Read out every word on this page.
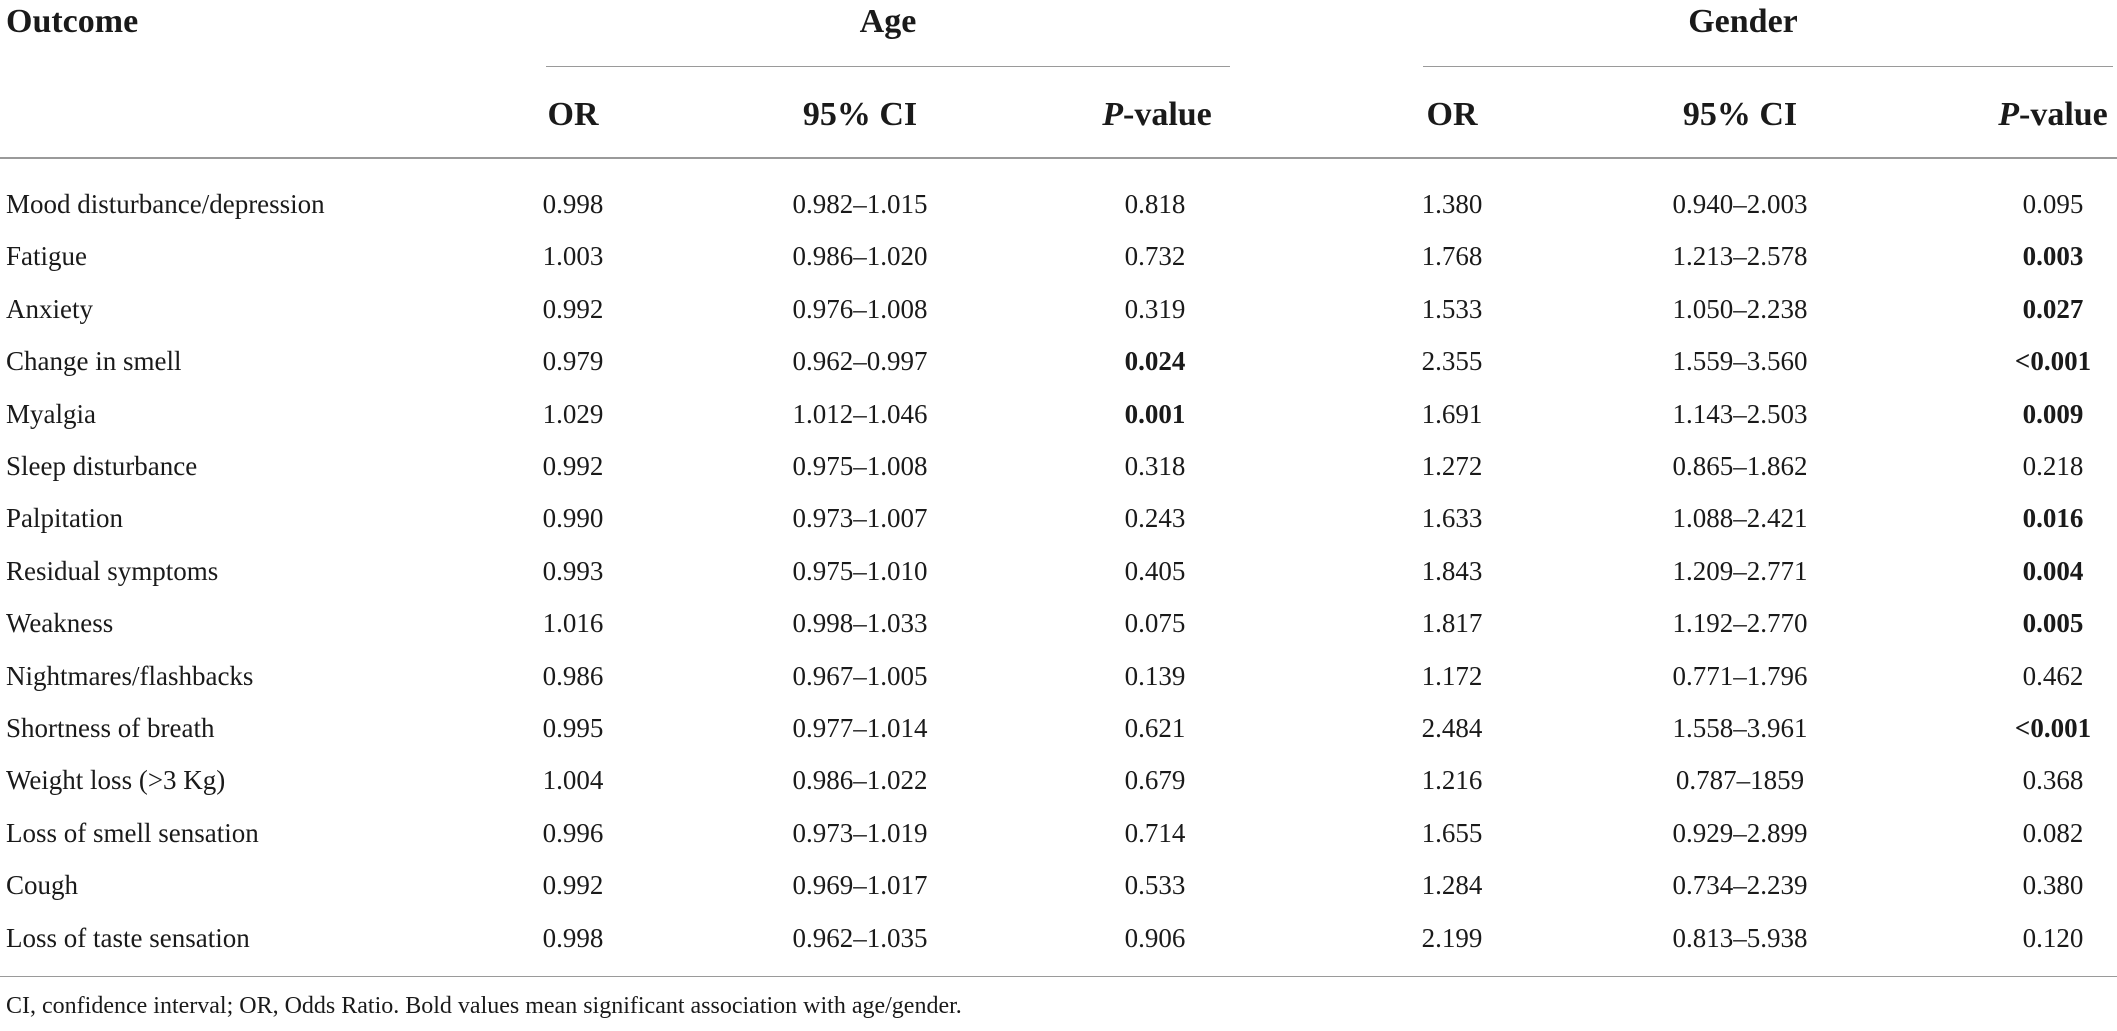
Outcome	Age	Gender
OR	95% CI	P-value	OR	95% CI	P-value
Mood disturbance/depression	0.998	0.982–1.015	0.818	1.380	0.940–2.003	0.095
Fatigue	1.003	0.986–1.020	0.732	1.768	1.213–2.578	0.003
Anxiety	0.992	0.976–1.008	0.319	1.533	1.050–2.238	0.027
Change in smell	0.979	0.962–0.997	0.024	2.355	1.559–3.560	<0.001
Myalgia	1.029	1.012–1.046	0.001	1.691	1.143–2.503	0.009
Sleep disturbance	0.992	0.975–1.008	0.318	1.272	0.865–1.862	0.218
Palpitation	0.990	0.973–1.007	0.243	1.633	1.088–2.421	0.016
Residual symptoms	0.993	0.975–1.010	0.405	1.843	1.209–2.771	0.004
Weakness	1.016	0.998–1.033	0.075	1.817	1.192–2.770	0.005
Nightmares/flashbacks	0.986	0.967–1.005	0.139	1.172	0.771–1.796	0.462
Shortness of breath	0.995	0.977–1.014	0.621	2.484	1.558–3.961	<0.001
Weight loss (>3 Kg)	1.004	0.986–1.022	0.679	1.216	0.787–1859	0.368
Loss of smell sensation	0.996	0.973–1.019	0.714	1.655	0.929–2.899	0.082
Cough	0.992	0.969–1.017	0.533	1.284	0.734–2.239	0.380
Loss of taste sensation	0.998	0.962–1.035	0.906	2.199	0.813–5.938	0.120
CI, confidence interval; OR, Odds Ratio. Bold values mean significant association with age/gender.
